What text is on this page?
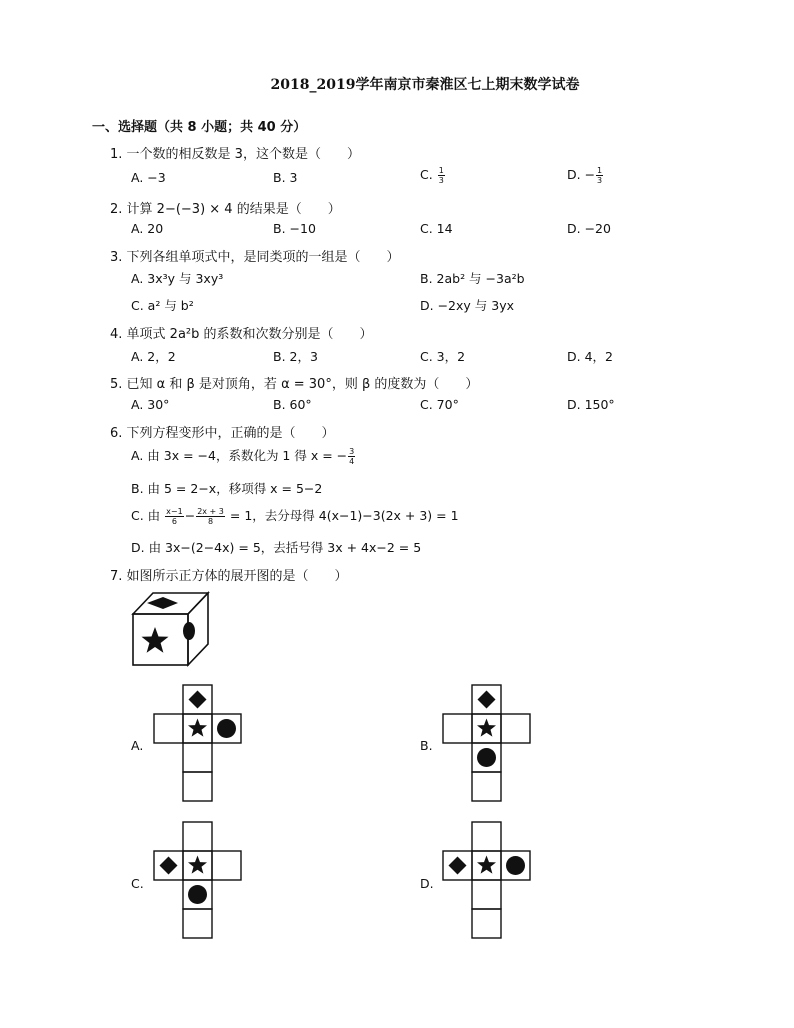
2018_2019学年南京市秦淮区七上期末数学试卷
一、选择题（共 8 小题；共 40 分）
1. 一个数的相反数是 3，这个数是（　　）
A. −3	B. 3	C. $\frac{1}{3}$	D. − $\frac{1}{3}$
2. 计算 2−(−3) × 4 的结果是（　　）
A. 20	B. −10	C. 14	D. −20
3. 下列各组单项式中，是同类项的一组是（　　）
A. 3x³y 与 3xy³	B. 2ab² 与 −3a²b
C. a² 与 b²	D. −2xy 与 3yx
4. 单项式 2a²b 的系数和次数分别是（　　）
A. 2，2	B. 2，3	C. 3，2	D. 4，2
5. 已知 α 和 β 是对顶角，若 α = 30°，则 β 的度数为（　　）
A. 30°	B. 60°	C. 70°	D. 150°
6. 下列方程变形中，正确的是（　　）
A. 由 3x = −4，系数化为 1 得 x = − $\frac{3}{4}$
B. 由 5 = 2−x，移项得 x = 5−2
C. 由 $\frac{x-1}{6} - \frac{2x + 3}{8} = 1$，去分母得 4(x−1)−3(2x + 3) = 1
D. 由 3x−(2−4x) = 5，去括号得 3x + 4x−2 = 5
7. 如图所示正方体的展开图的是（　　）
A.	B.
C.	D.
